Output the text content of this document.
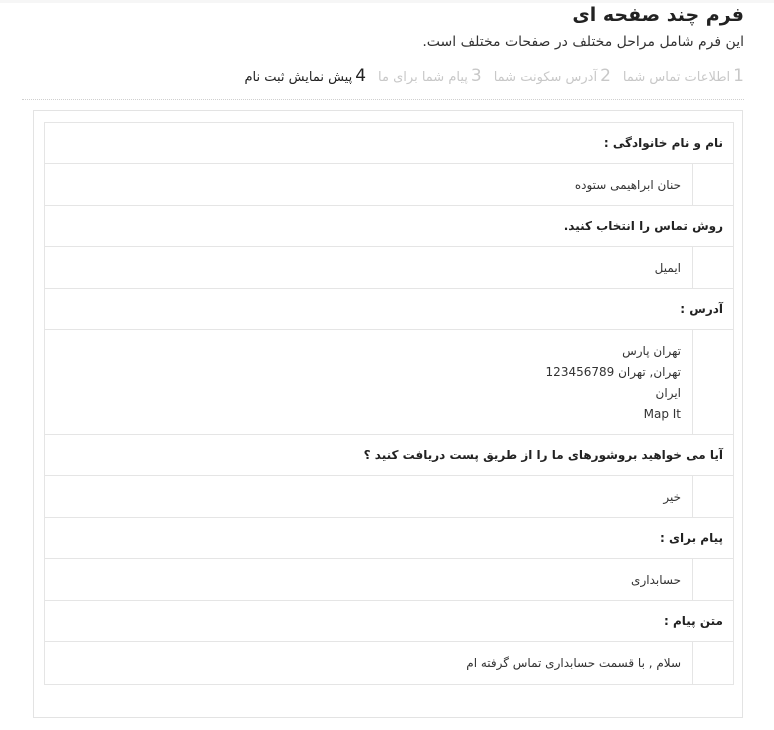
فرم چند صفحه ای
این فرم شامل مراحل مختلف در صفحات مختلف است.
1
اطلاعات تماس شما
2
آدرس سکونت شما
3
پیام شما برای ما
4
پیش نمایش ثبت نام
نام و نام خانوادگی :
حنان ابراهیمی ستوده
روش تماس را انتخاب کنید.
ایمیل
آدرس :
تهران پارس
تهران, تهران 123456789
ایران
Map It
آیا می خواهید بروشورهای ما را از طریق پست دریافت کنید ؟
خیر
پیام برای :
حسابداری
متن پیام :
سلام , با قسمت حسابداری تماس گرفته ام
